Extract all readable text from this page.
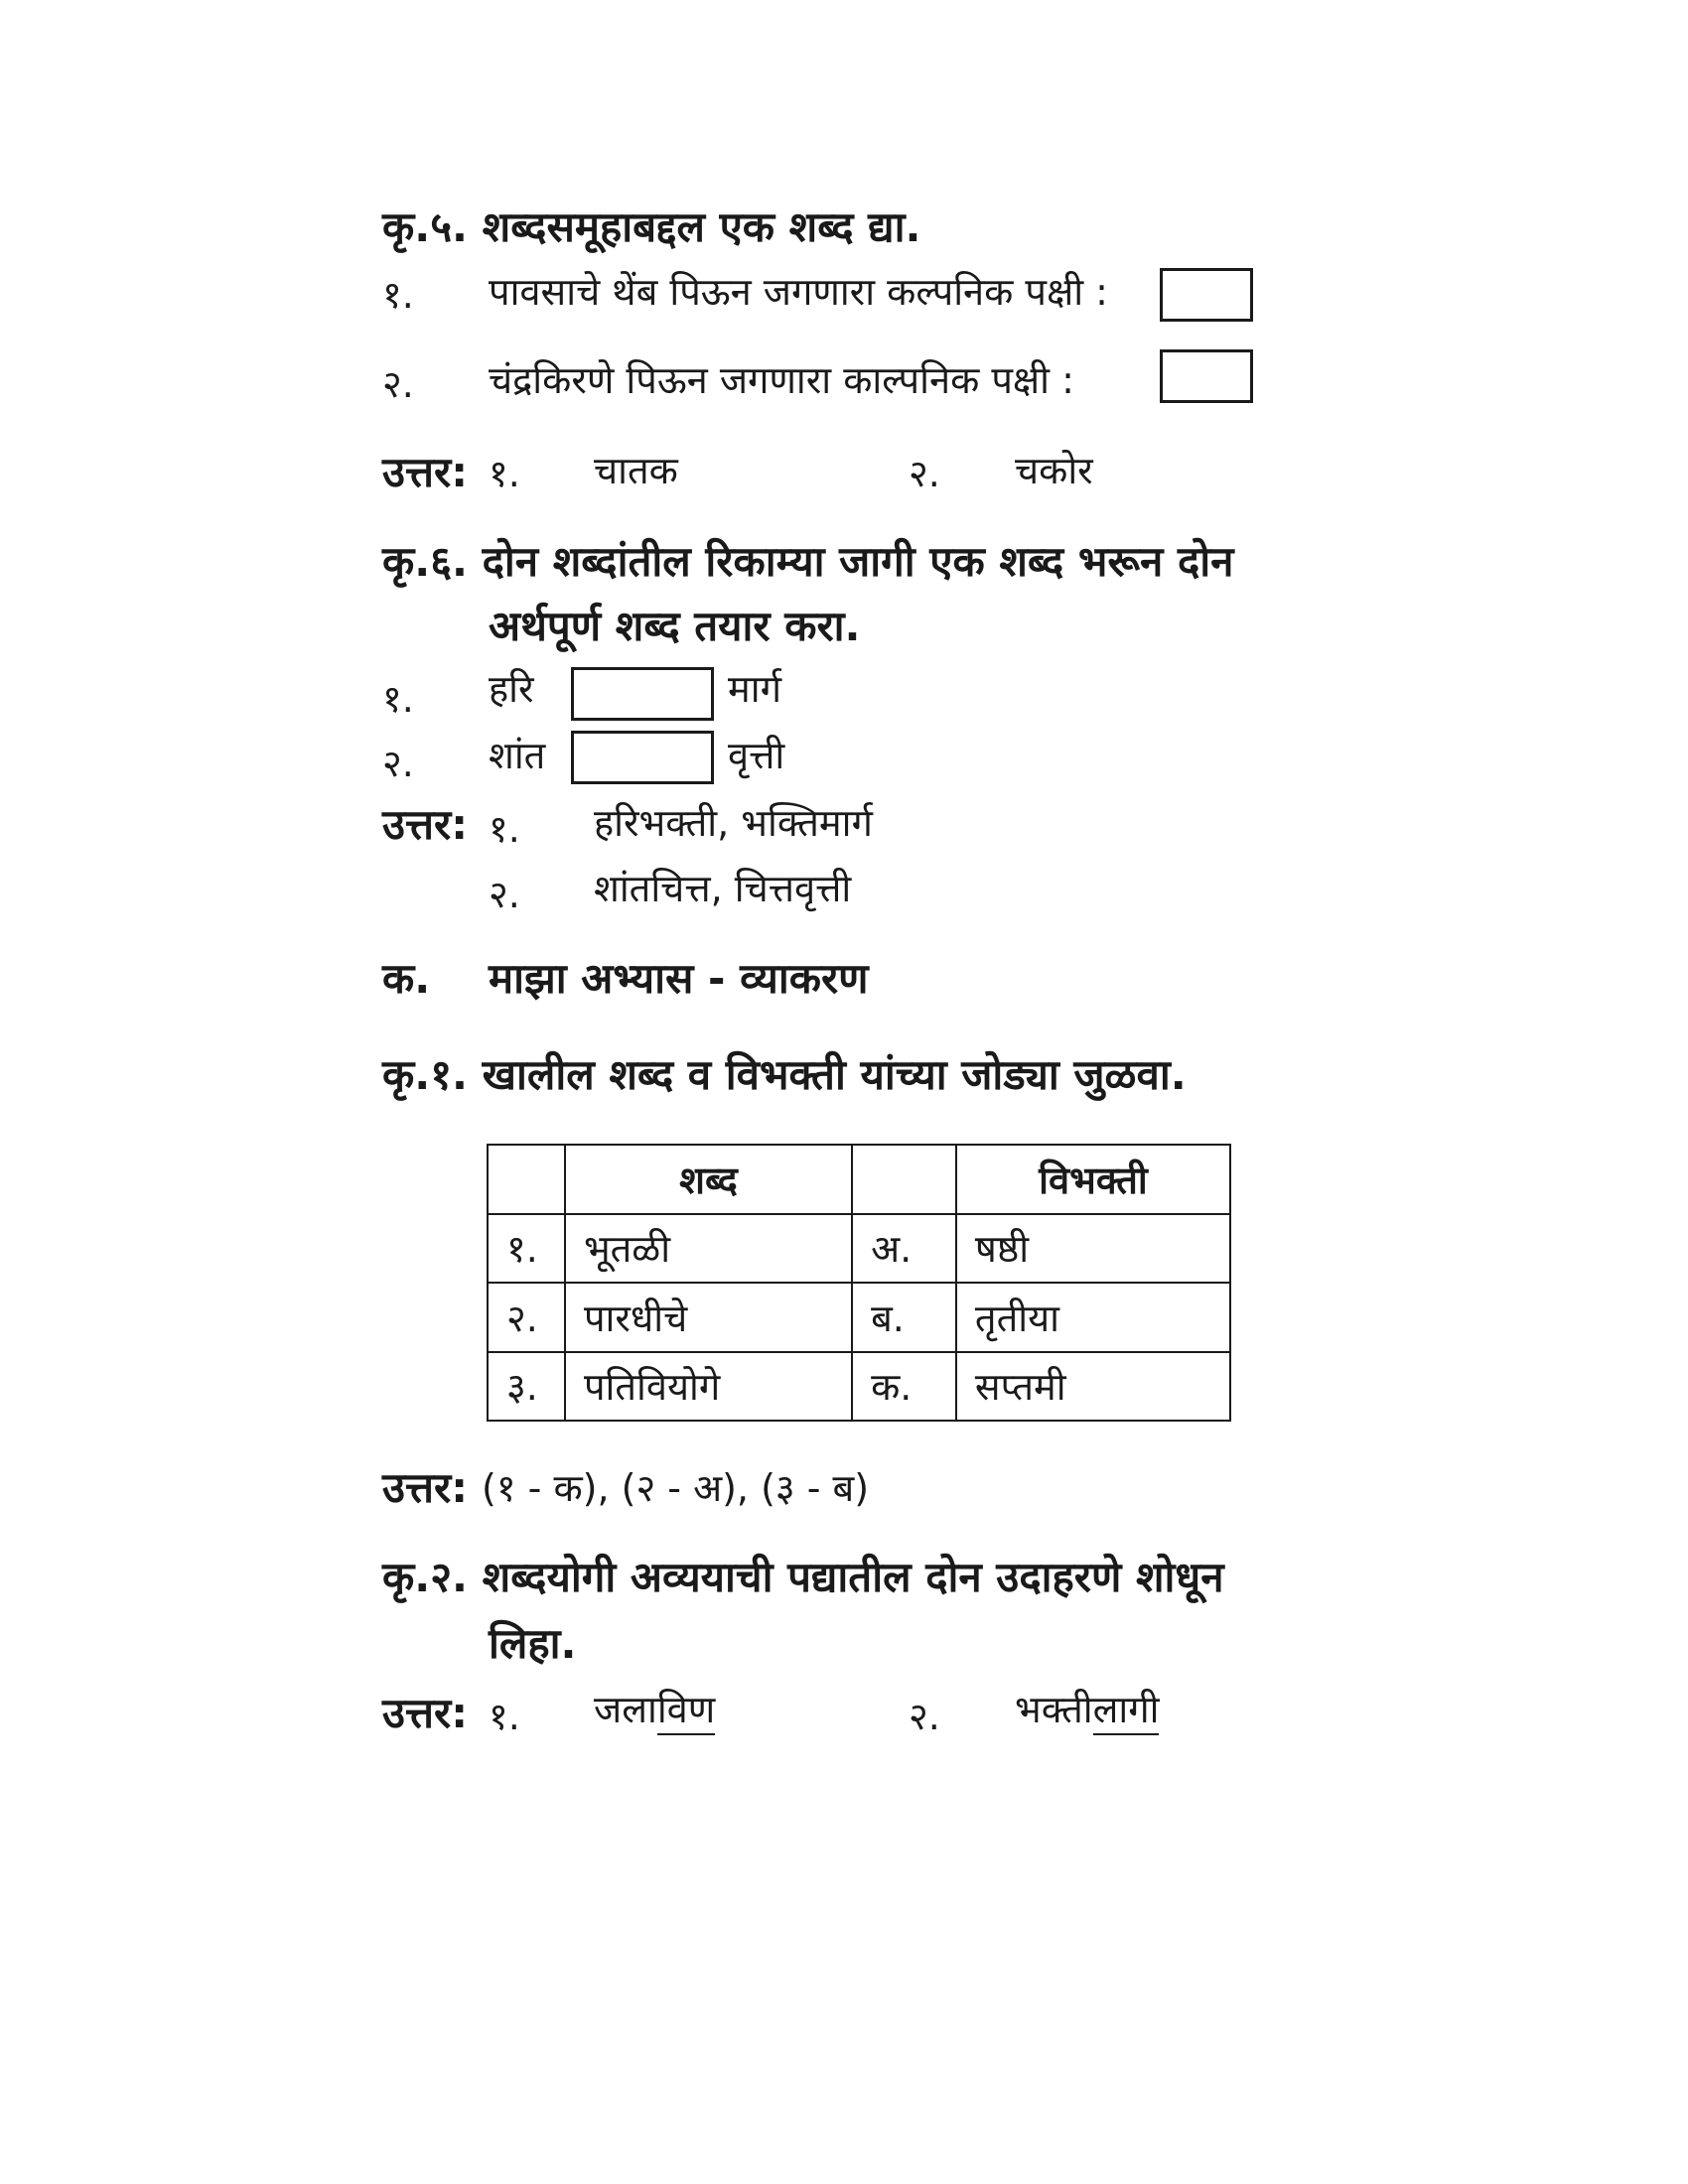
कृ.५. शब्दसमूहाबद्दल एक शब्द द्या.
१. पावसाचे थेंब पिऊन जगणारा कल्पनिक पक्षी :
२. चंद्रकिरणे पिऊन जगणारा काल्पनिक पक्षी :
उत्तर: १. चातक	२. चकोर
कृ.६. दोन शब्दांतील रिकाम्या जागी एक शब्द भरून दोन
अर्थपूर्ण शब्द तयार करा.
१. हरि	मार्ग
२. शांत	वृत्ती
उत्तर: १. हरिभक्ती, भक्तिमार्ग
२. शांतचित्त, चित्तवृत्ती
क. माझा अभ्यास - व्याकरण
कृ.१. खालील शब्द व विभक्ती यांच्या जोड्या जुळवा.
	शब्द		विभक्ती
१.	भूतळी	अ.	षष्ठी
२.	पारधीचे	ब.	तृतीया
३.	पतिवियोगे	क.	सप्तमी
उत्तर: (१ - क), (२ - अ), (३ - ब)
कृ.२. शब्दयोगी अव्ययाची पद्यातील दोन उदाहरणे शोधून
लिहा.
उत्तर: १. जलाविण	२. भक्तीलागी
